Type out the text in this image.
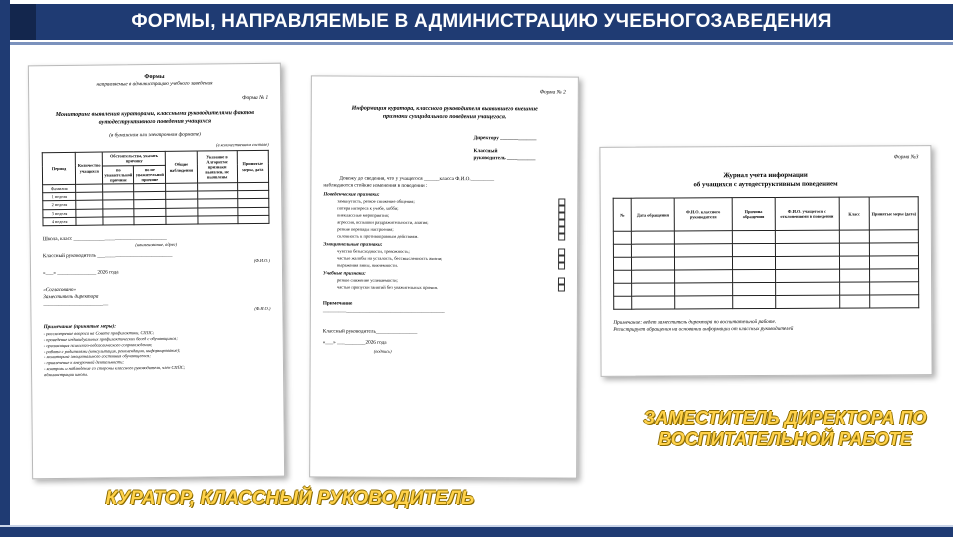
ФОРМЫ, НАПРАВЛЯЕМЫЕ В АДМИНИСТРАЦИЮ УЧЕБНОГОЗАВЕДЕНИЯ
Формы
направляемые в администрацию учебного заведения
Форма № 1
Мониторинг выявления кураторами, классными руководителями фактов
аутодеструктивного поведения учащихся
(в бумажном или электронном формате)
(в количественном составе)
Период	Количество учащихся	Обстоятельства, указать причину		Общие наблюдения	Указание в Алгоритме признаки выявлен, не выявлены	Принятые меры, дата
		по уважительной причине	по не уважительной причине			
Фамилия						
1 неделя						
2 неделя						
3 неделя						
4 неделя						
Школа, класс ____________________________________
(наименование, адрес)
Классный руководитель _____________________________
(Ф.И.О.)
«___» _______________ 2026 года
«Согласовано»
Заместитель директора
_________________________
(Ф.И.О.)
Примечание (принятые меры):
- рассмотрение вопроса на Совете профилактики, СППС;
- проведение индивидуальных профилактических бесед с обучающимся;
- организация психолого-педагогического сопровождения;
- работа с родителями (консультация, рекомендации, информирование);
- мониторинг эмоционального состояния обучающегося;
- привлечение к внеурочной деятельности;
- контроль и наблюдение со стороны классного руководителя, член СППС;
администрации школы.
Форма № 2
Информация куратора, классного руководителя выявившего внешние
признаки суицидального поведения учащегося.
Директору ______________
Классный
руководитель ___________
Довожу до сведения, что у учащегося ______класса Ф.И.О._________
наблюдаются стойкие изменения в поведении :
Поведенческие признаки:
замкнутость, резкое снижение общения;
потеря интереса к учебе, хобби;
внеклассные мероприятия;
агрессия, вспышки раздражительности, апатия;
резкие перепады настроения;
склонность к противоправным действиям.
Эмоциональные признаки:
чувство безысходности, тревожность;
частые жалобы на усталость, бессмысленность жизни;
выражения вины, никчемности.
Учебные признаки:
резкое снижение успеваемости;
частые пропуски занятий без уважительных причин.
Примечание
_______________________________________________
Классный руководитель________________
«___» ___________2026 года
(подпись)
Форма №3
Журнал учета информации
об учащихся с аутодеструктивным поведением
№	Дата обращения	Ф.И.О. классного руководителя	Причина обращения	Ф.И.О. учащегося с отклонениями в поведении	Класс	Принятые меры (дата)

Примечание: ведет заместитель директора по воспитательной работе.
Регистрирует обращения на основании информации от классных руководителей
КУРАТОР, КЛАССНЫЙ РУКОВОДИТЕЛЬ
ЗАМЕСТИТЕЛЬ ДИРЕКТОРА ПО ВОСПИТАТЕЛЬНОЙ РАБОТЕ
